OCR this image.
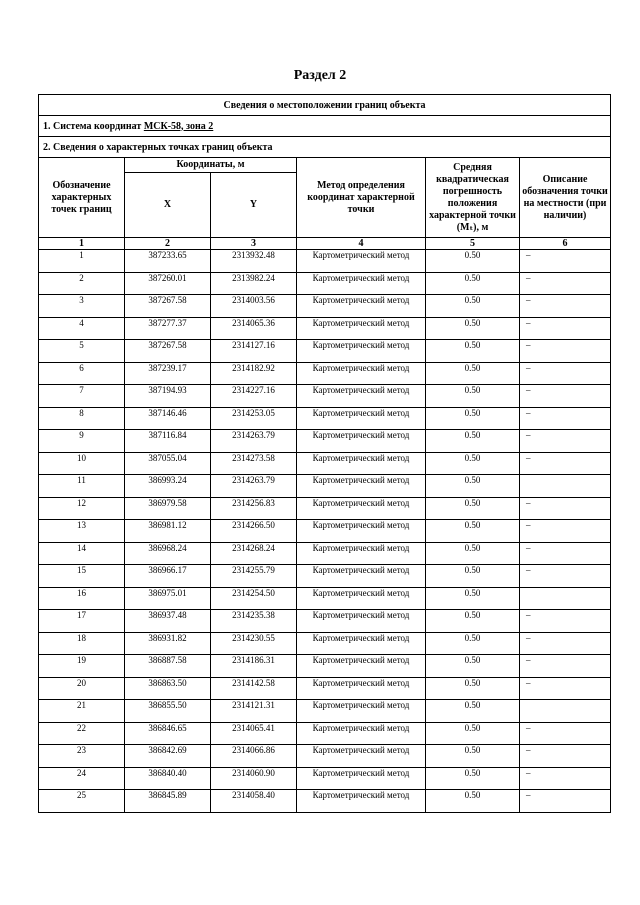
Раздел 2
Сведения о местоположении границ объекта					
1. Система координат МСК-58, зона 2					
2. Сведения о характерных точках границ объекта					
Обозначение характерных точек границ	Координаты, м		Метод определения координат характерной точки	Средняя квадратическая погрешность положения характерной точки (Mₜ), м	Описание обозначения точки на местности (при наличии)
	X	Y			
1	2	3	4	5	6
1	387233.65	2313932.48	Картометрический метод	0.50	–
2	387260.01	2313982.24	Картометрический метод	0.50	–
3	387267.58	2314003.56	Картометрический метод	0.50	–
4	387277.37	2314065.36	Картометрический метод	0.50	–
5	387267.58	2314127.16	Картометрический метод	0.50	–
6	387239.17	2314182.92	Картометрический метод	0.50	–
7	387194.93	2314227.16	Картометрический метод	0.50	–
8	387146.46	2314253.05	Картометрический метод	0.50	–
9	387116.84	2314263.79	Картометрический метод	0.50	–
10	387055.04	2314273.58	Картометрический метод	0.50	–
11	386993.24	2314263.79	Картометрический метод	0.50	
12	386979.58	2314256.83	Картометрический метод	0.50	–
13	386981.12	2314266.50	Картометрический метод	0.50	–
14	386968.24	2314268.24	Картометрический метод	0.50	–
15	386966.17	2314255.79	Картометрический метод	0.50	–
16	386975.01	2314254.50	Картометрический метод	0.50	
17	386937.48	2314235.38	Картометрический метод	0.50	–
18	386931.82	2314230.55	Картометрический метод	0.50	–
19	386887.58	2314186.31	Картометрический метод	0.50	–
20	386863.50	2314142.58	Картометрический метод	0.50	–
21	386855.50	2314121.31	Картометрический метод	0.50	
22	386846.65	2314065.41	Картометрический метод	0.50	–
23	386842.69	2314066.86	Картометрический метод	0.50	–
24	386840.40	2314060.90	Картометрический метод	0.50	–
25	386845.89	2314058.40	Картометрический метод	0.50	–
